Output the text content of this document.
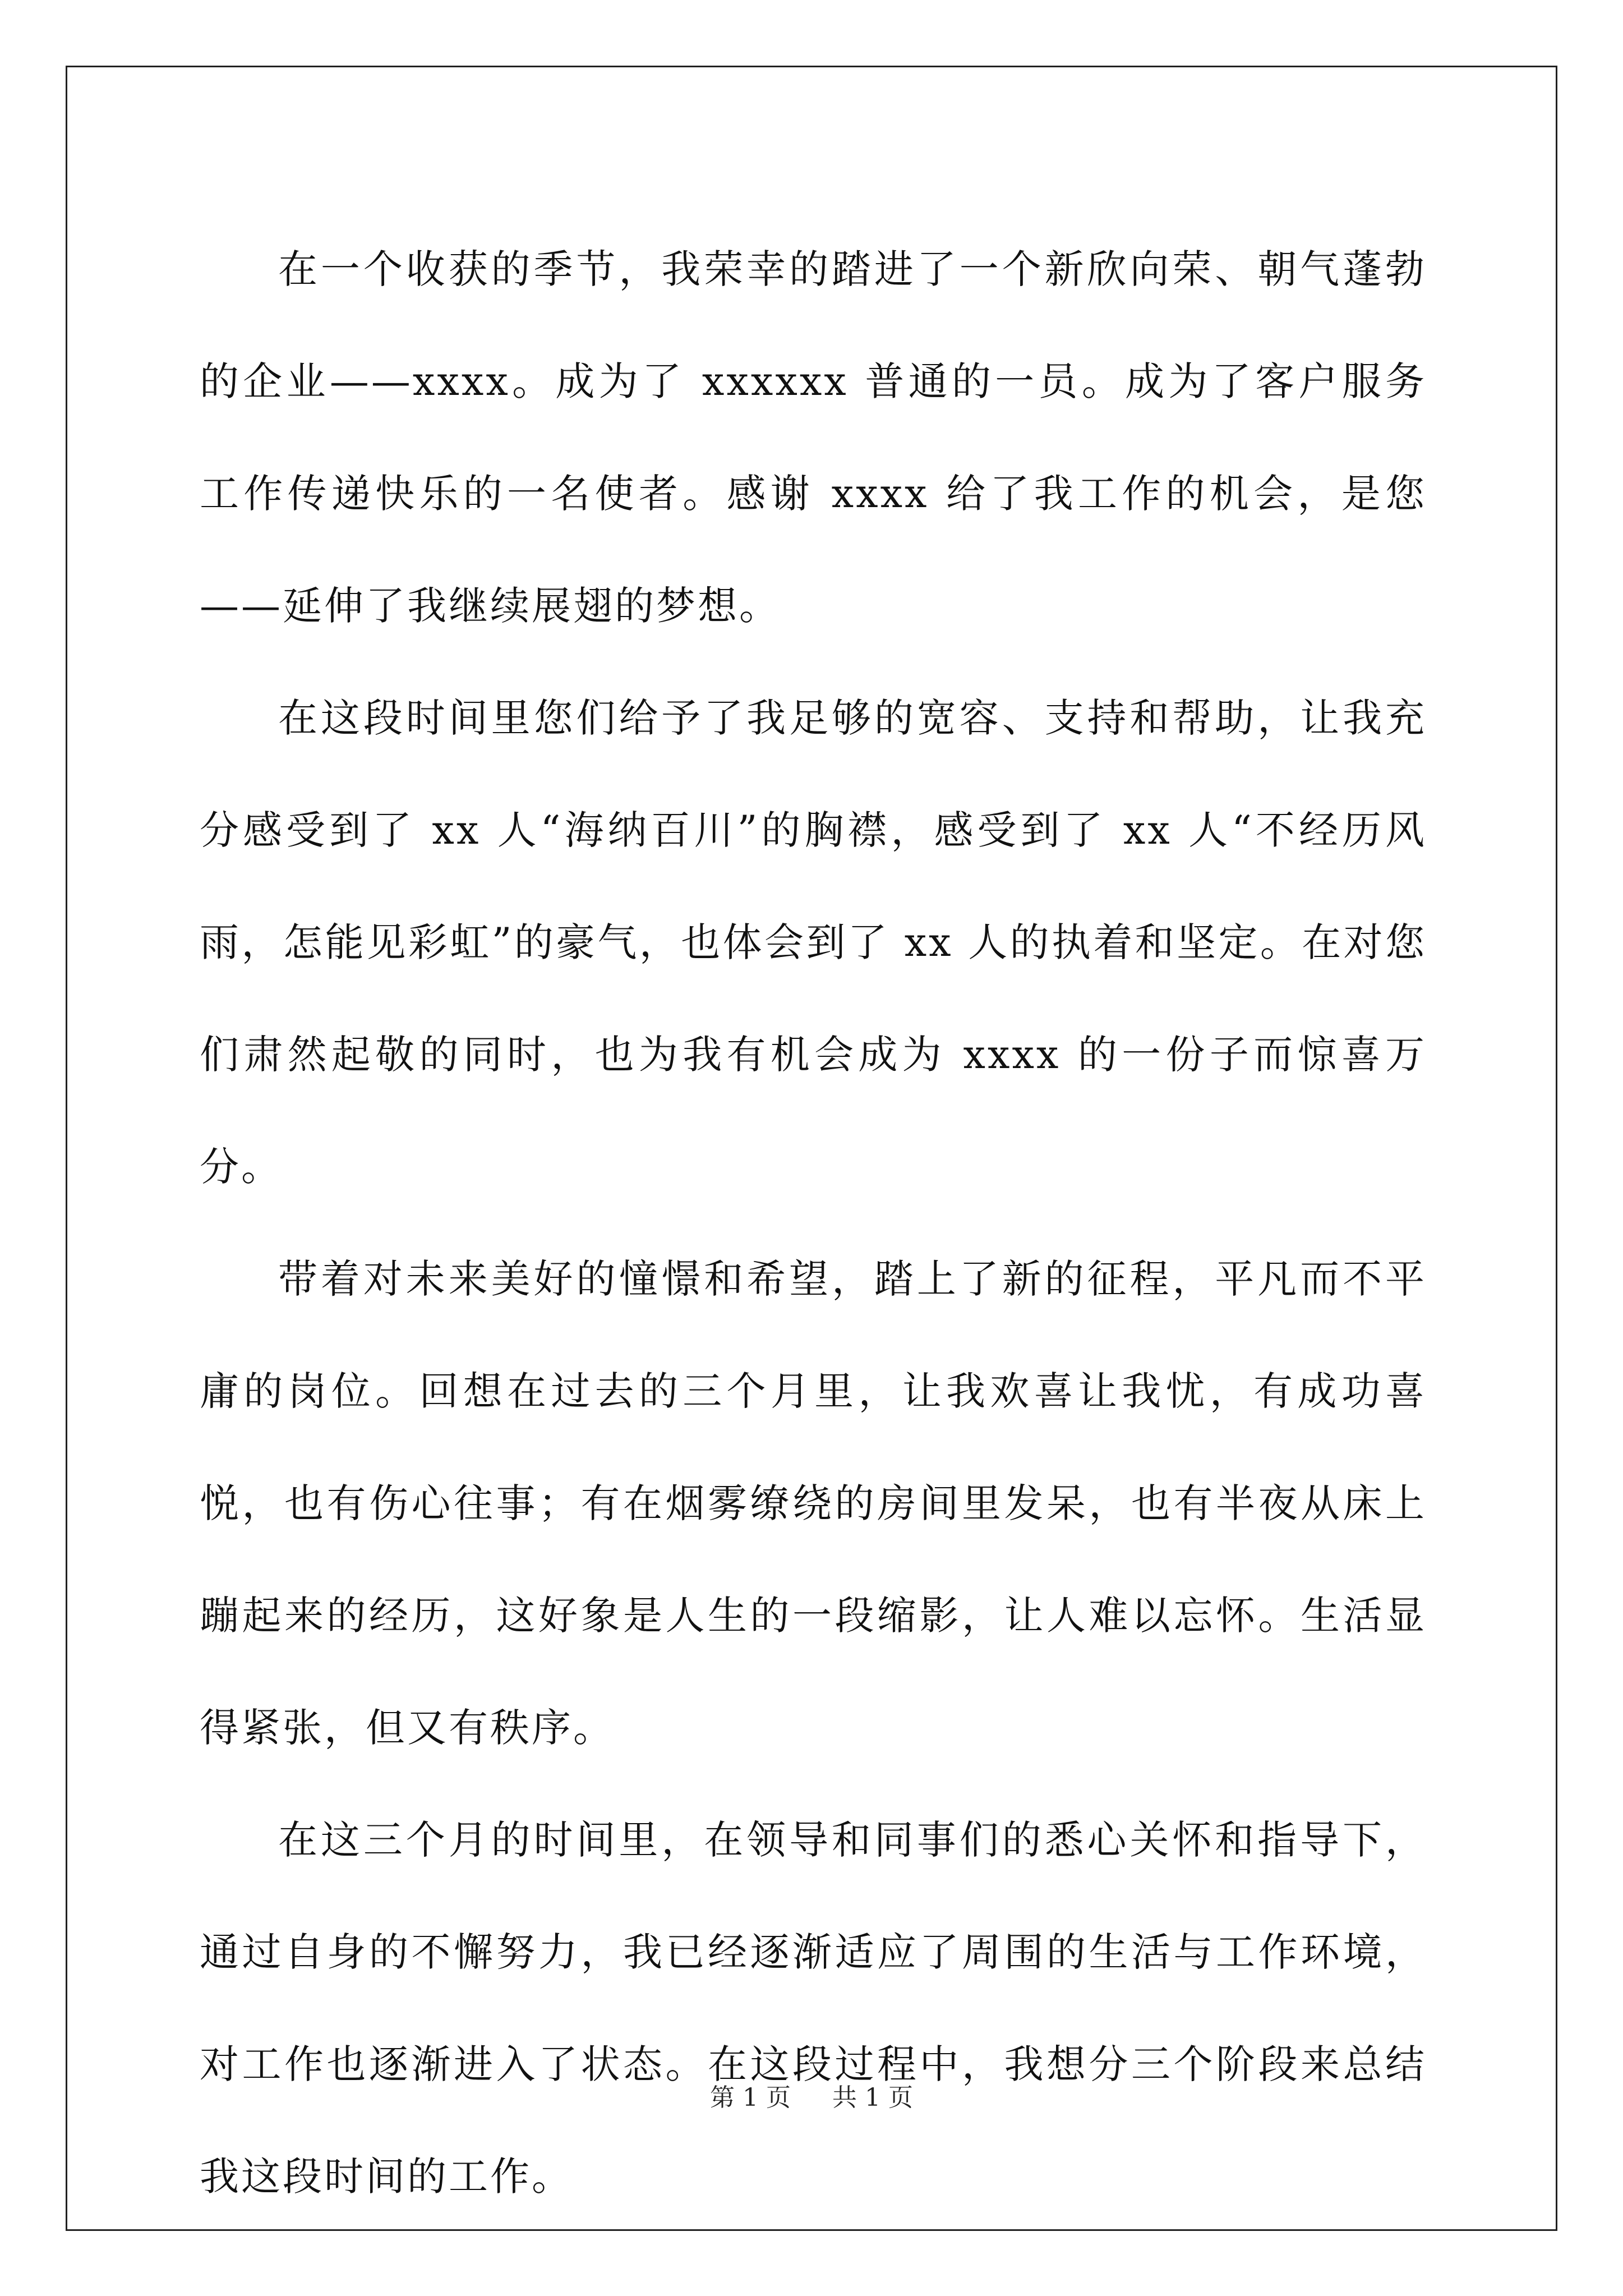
在一个收获的季节，我荣幸的踏进了一个新欣向荣、朝气蓬勃的企业——xxxx。成为了 xxxxxx 普通的一员。成为了客户服务工作传递快乐的一名使者。感谢 xxxx 给了我工作的机会，是您——延伸了我继续展翅的梦想。

在这段时间里您们给予了我足够的宽容、支持和帮助，让我充分感受到了 xx 人“海纳百川”的胸襟，感受到了 xx 人“不经历风雨，怎能见彩虹”的豪气，也体会到了 xx 人的执着和坚定。在对您们肃然起敬的同时，也为我有机会成为 xxxx 的一份子而惊喜万分。

带着对未来美好的憧憬和希望，踏上了新的征程，平凡而不平庸的岗位。回想在过去的三个月里，让我欢喜让我忧，有成功喜悦，也有伤心往事；有在烟雾缭绕的房间里发呆，也有半夜从床上蹦起来的经历，这好象是人生的一段缩影，让人难以忘怀。生活显得紧张，但又有秩序。

在这三个月的时间里，在领导和同事们的悉心关怀和指导下，通过自身的不懈努力，我已经逐渐适应了周围的生活与工作环境，对工作也逐渐进入了状态。在这段过程中，我想分三个阶段来总结我这段时间的工作。

第 1 页 共 1 页
